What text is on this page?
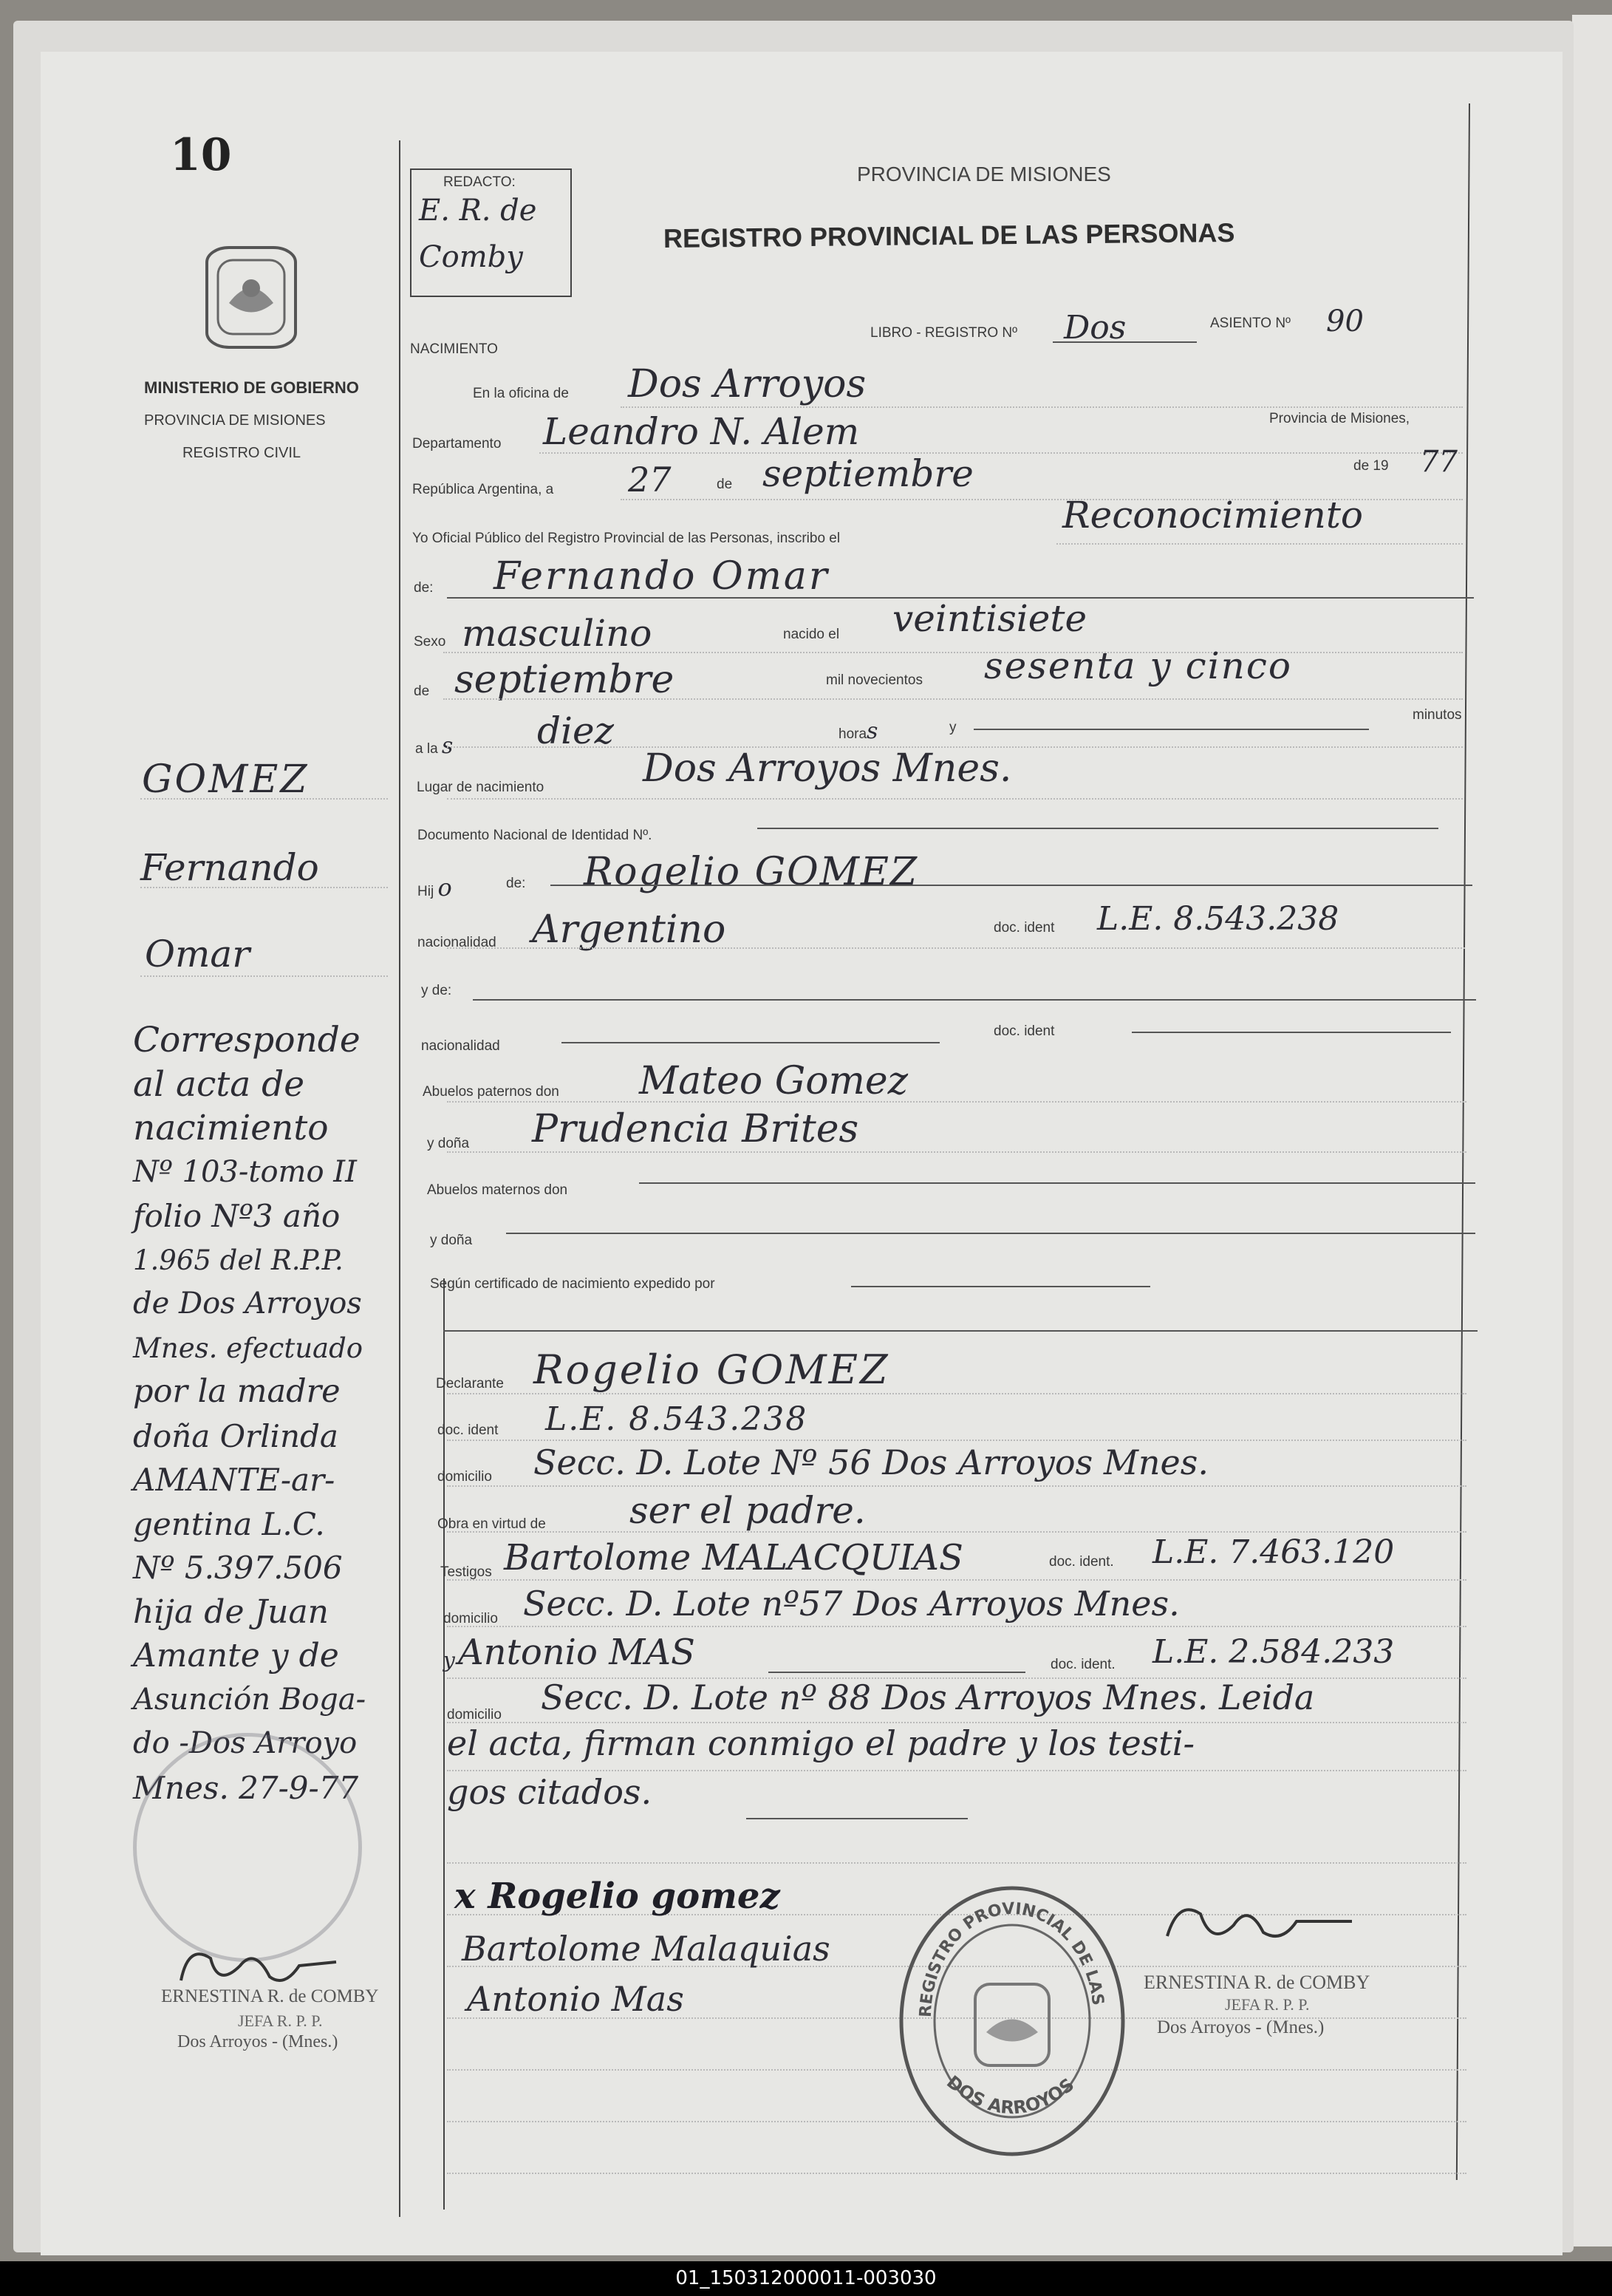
01_150312000011-003030
10
MINISTERIO DE GOBIERNO
PROVINCIA DE MISIONES
REGISTRO CIVIL
REDACTO:
E. R. de
Comby
PROVINCIA DE MISIONES
REGISTRO PROVINCIAL DE LAS PERSONAS
LIBRO - REGISTRO Nº Dos	ASIENTO Nº 90
NACIMIENTO
En la oficina de Dos Arroyos
Departamento Leandro N. Alem	Provincia de Misiones,
República Argentina, a 27	de septiembre	de 19 77
Yo Oficial Público del Registro Provincial de las Personas, inscribo el
Reconocimiento
de: Fernando Omar
Sexo masculino	nacido el veintisiete
de septiembre	mil novecientos sesenta y cinco
a la s diez	horas	y
minutos
Lugar de nacimiento	Dos Arroyos Mnes.
Documento Nacional de Identidad Nº.
Hij o	de: Rogelio GOMEZ
nacionalidad Argentino	doc. ident L.E. 8.543.238
y de:
nacionalidad
doc. ident
Abuelos paternos don Mateo Gomez
y doña Prudencia Brites
Abuelos maternos don
y doña
Según certificado de nacimiento expedido por
Declarante Rogelio GOMEZ
doc. ident L.E. 8.543.238
domicilio Secc. D. Lote Nº 56 Dos Arroyos Mnes.
Obra en virtud de ser el padre.
Testigos Bartolome MALACQUIAS	doc. ident. L.E. 7.463.120
domicilio Secc. D. Lote nº57 Dos Arroyos Mnes.
y Antonio MAS	doc. ident. L.E. 2.584.233
domicilio Secc. D. Lote nº 88 Dos Arroyos Mnes. Leida
el acta, firman conmigo el padre y los testi-
gos citados.
GOMEZ
Fernando
Omar
Corresponde
al acta de
nacimiento
Nº 103-tomo II
folio Nº3 año
1.965 del R.P.P.
de Dos Arroyos
Mnes. efectuado
por la madre
doña Orlinda
AMANTE-ar-
gentina L.C.
Nº 5.397.506
hija de Juan
Amante y de
Asunción Boga-
do -Dos Arroyo
Mnes. 27-9-77
ERNESTINA R. de COMBY
JEFA R. P. P.
Dos Arroyos - (Mnes.)
x Rogelio gomez
Bartolome Malaquias
Antonio Mas	REGISTRO PROVINCIAL DE LAS
DOS ARROYOS
ERNESTINA R. de COMBY
JEFA R. P. P.
Dos Arroyos - (Mnes.)
